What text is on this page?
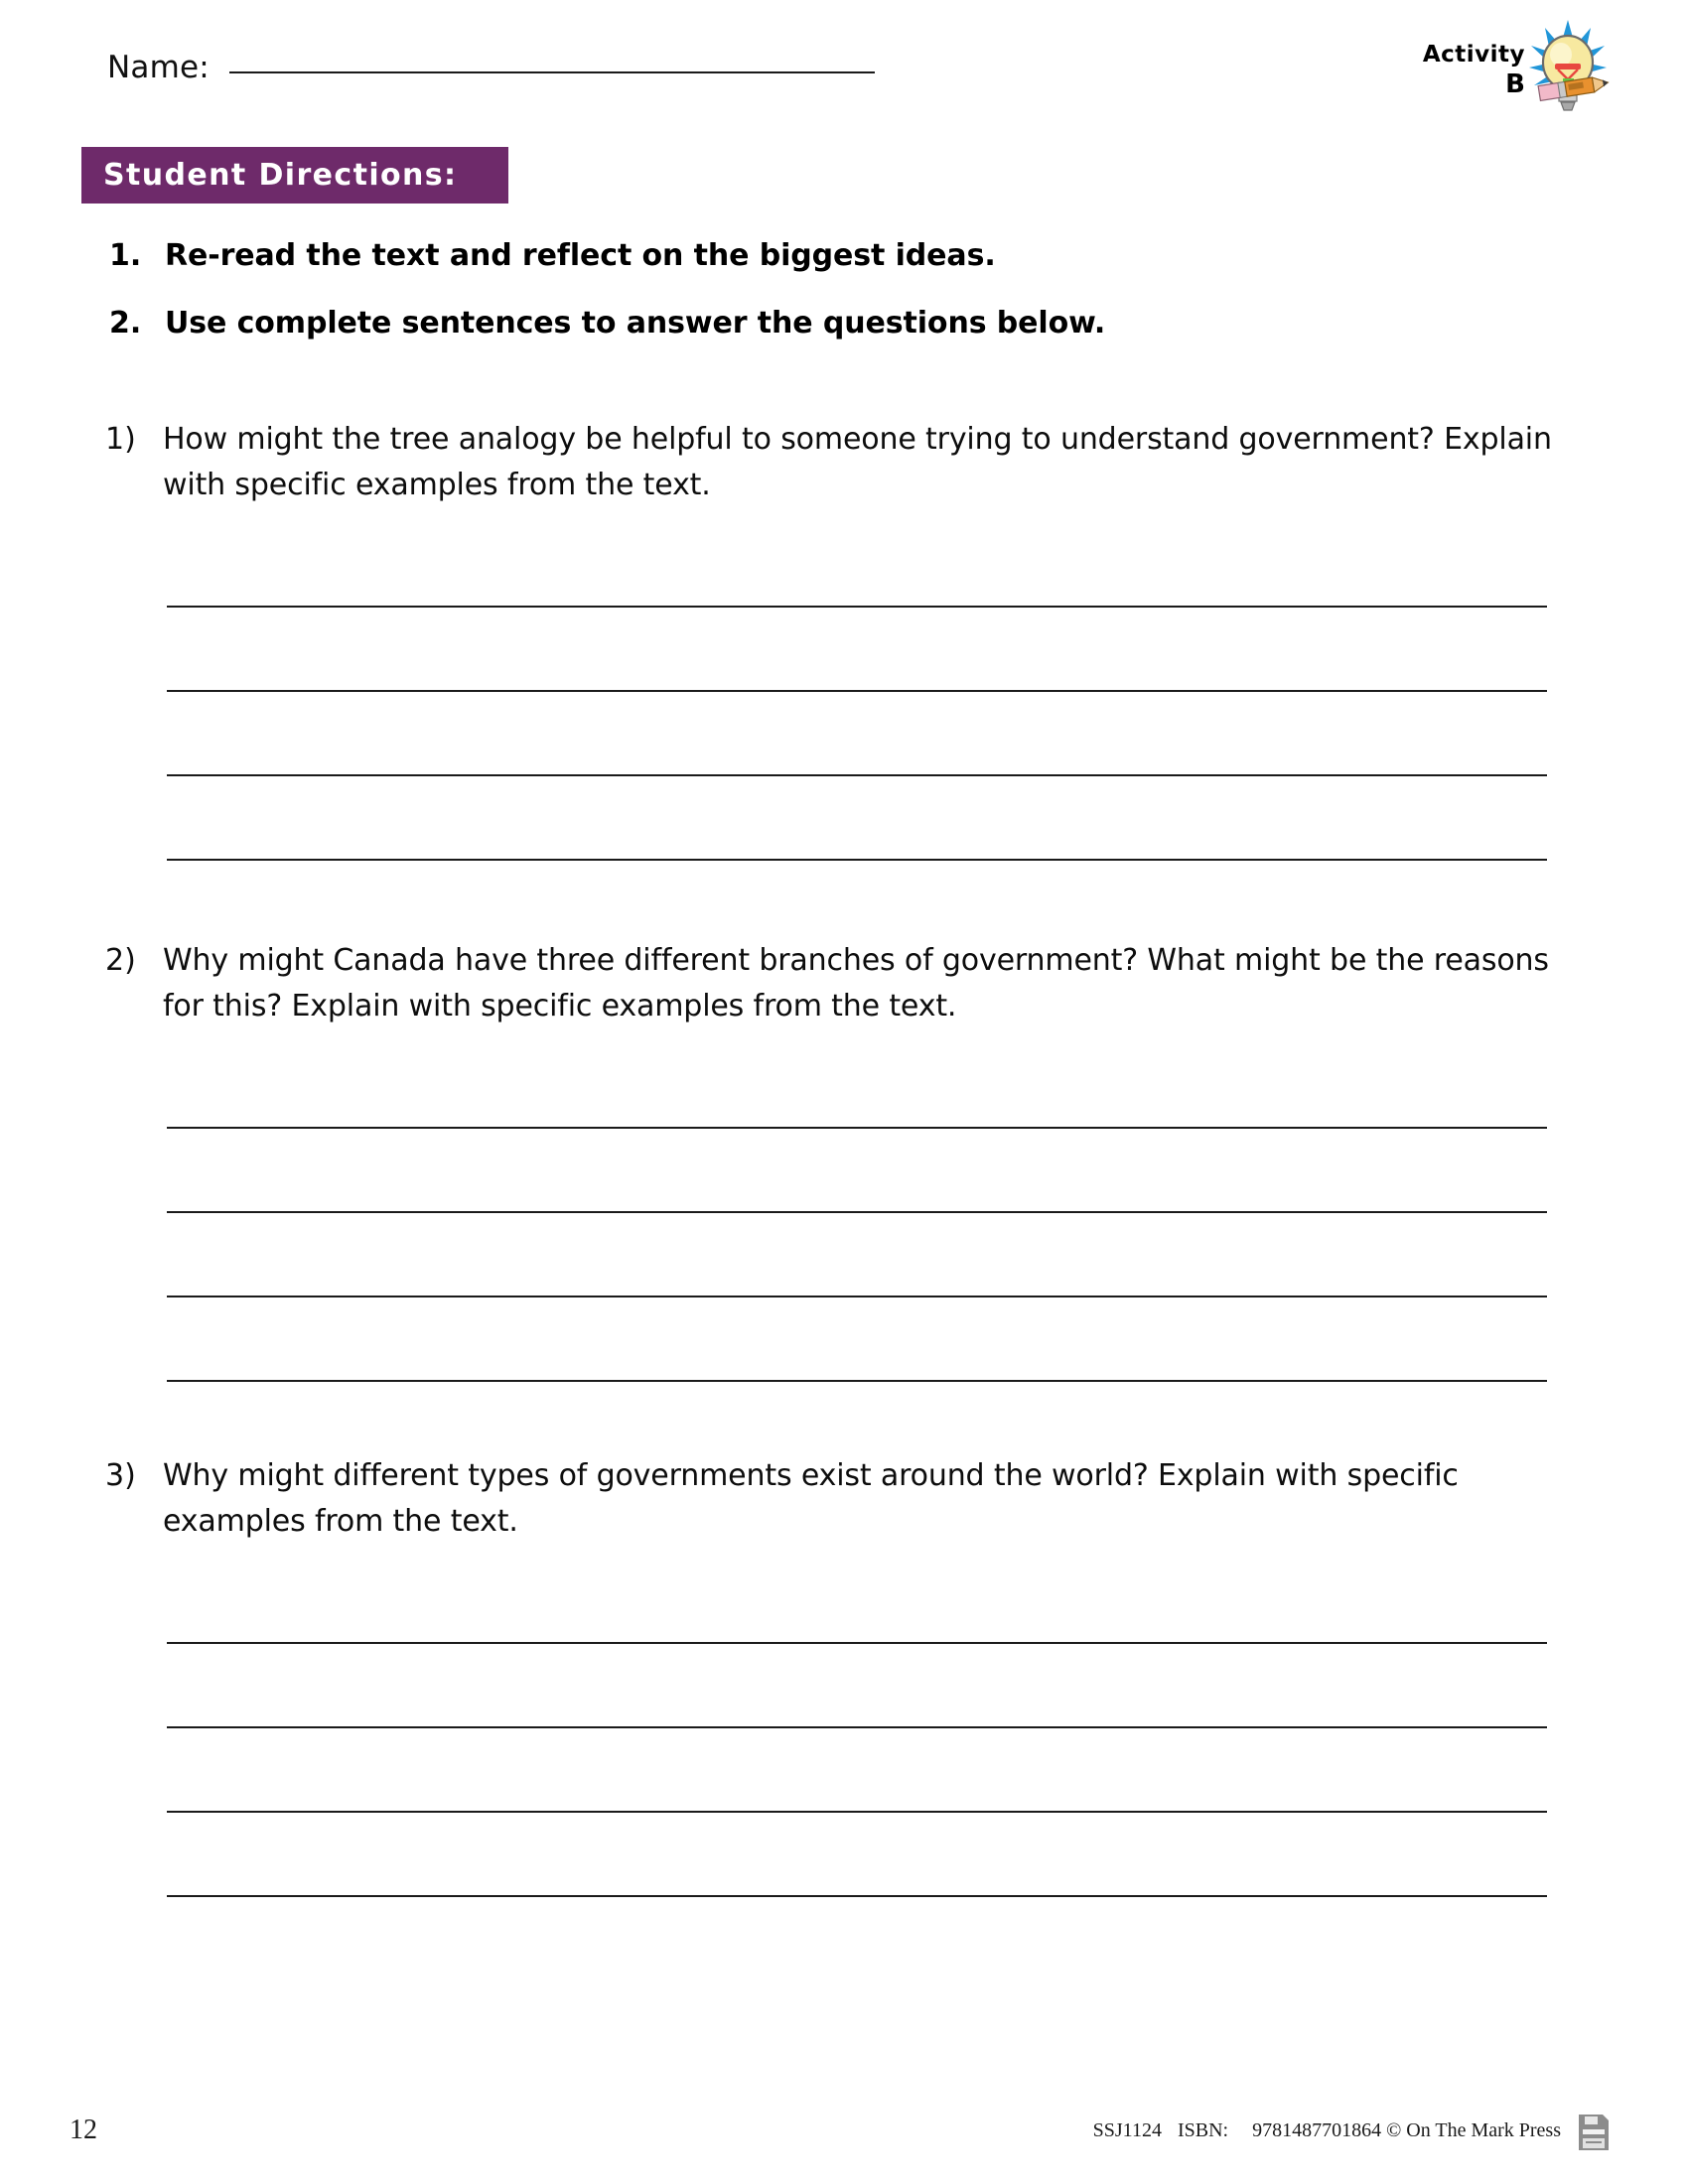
Name:	Activity
B
Student Directions:
1. Re-read the text and reflect on the biggest ideas.
2. Use complete sentences to answer the questions below.
1) How might the tree analogy be helpful to someone trying to understand government? Explain with specific examples from the text.
2) Why might Canada have three different branches of government? What might be the reasons for this? Explain with specific examples from the text.
3) Why might different types of governments exist around the world? Explain with specific examples from the text.
12	SSJ1124 ISBN: 9781487701864 © On The Mark Press
